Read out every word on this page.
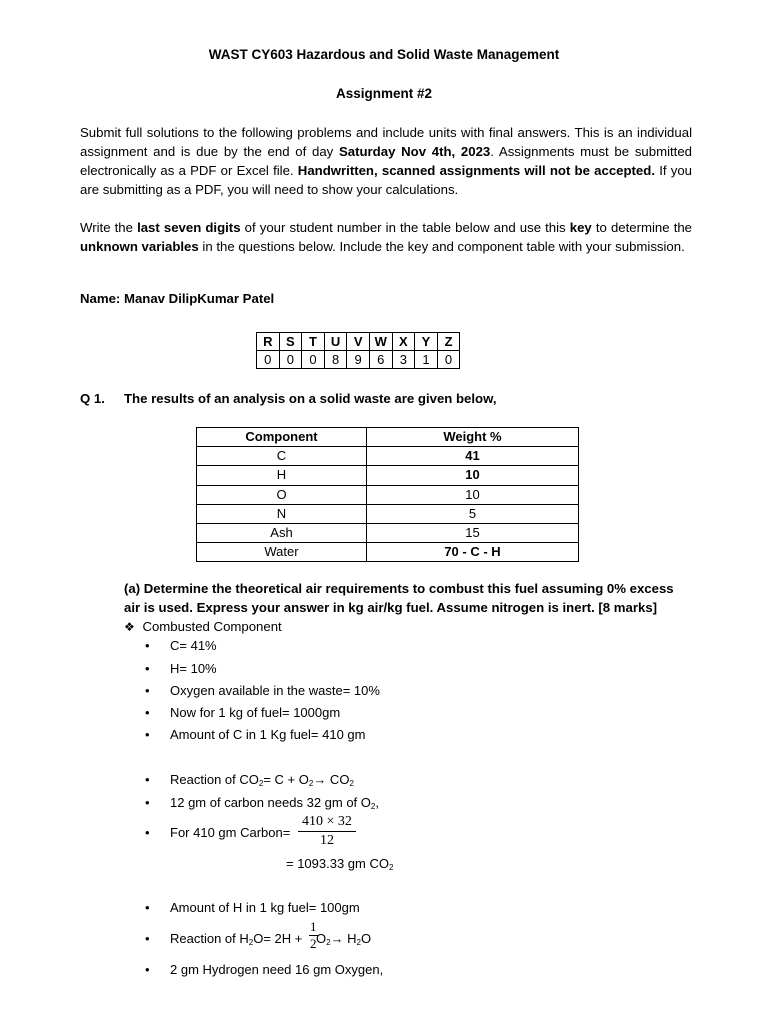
WAST CY603 Hazardous and Solid Waste Management
Assignment #2
Submit full solutions to the following problems and include units with final answers. This is an individual assignment and is due by the end of day Saturday Nov 4th, 2023. Assignments must be submitted electronically as a PDF or Excel file. Handwritten, scanned assignments will not be accepted. If you are submitting as a PDF, you will need to show your calculations.
Write the last seven digits of your student number in the table below and use this key to determine the unknown variables in the questions below. Include the key and component table with your submission.
Name: Manav DilipKumar Patel
R	S	T	U	V	W	X	Y	Z
0	0	0	8	9	6	3	1	0
Q 1. The results of an analysis on a solid waste are given below,
Component	Weight %
C	41
H	10
O	10
N	5
Ash	15
Water	70 - C - H
(a) Determine the theoretical air requirements to combust this fuel assuming 0% excess
air is used. Express your answer in kg air/kg fuel. Assume nitrogen is inert. [8 marks]
❖ Combusted Component
C= 41%
H= 10%
Oxygen available in the waste= 10%
Now for 1 kg of fuel= 1000gm
Amount of C in 1 Kg fuel= 410 gm
Reaction of $CO_2= C + O_2\to CO_2$
12 gm of carbon needs 32 gm of $O_2$,
For 410 gm Carbon= $\frac{410 \times 32}{12}$
= 1093.33 gm $CO_2$
Amount of H in 1 kg fuel= 100gm
Reaction of $H_2O= 2H + O_2\to H_2O$
$\frac{1}{2}$
2 gm Hydrogen need 16 gm Oxygen,
